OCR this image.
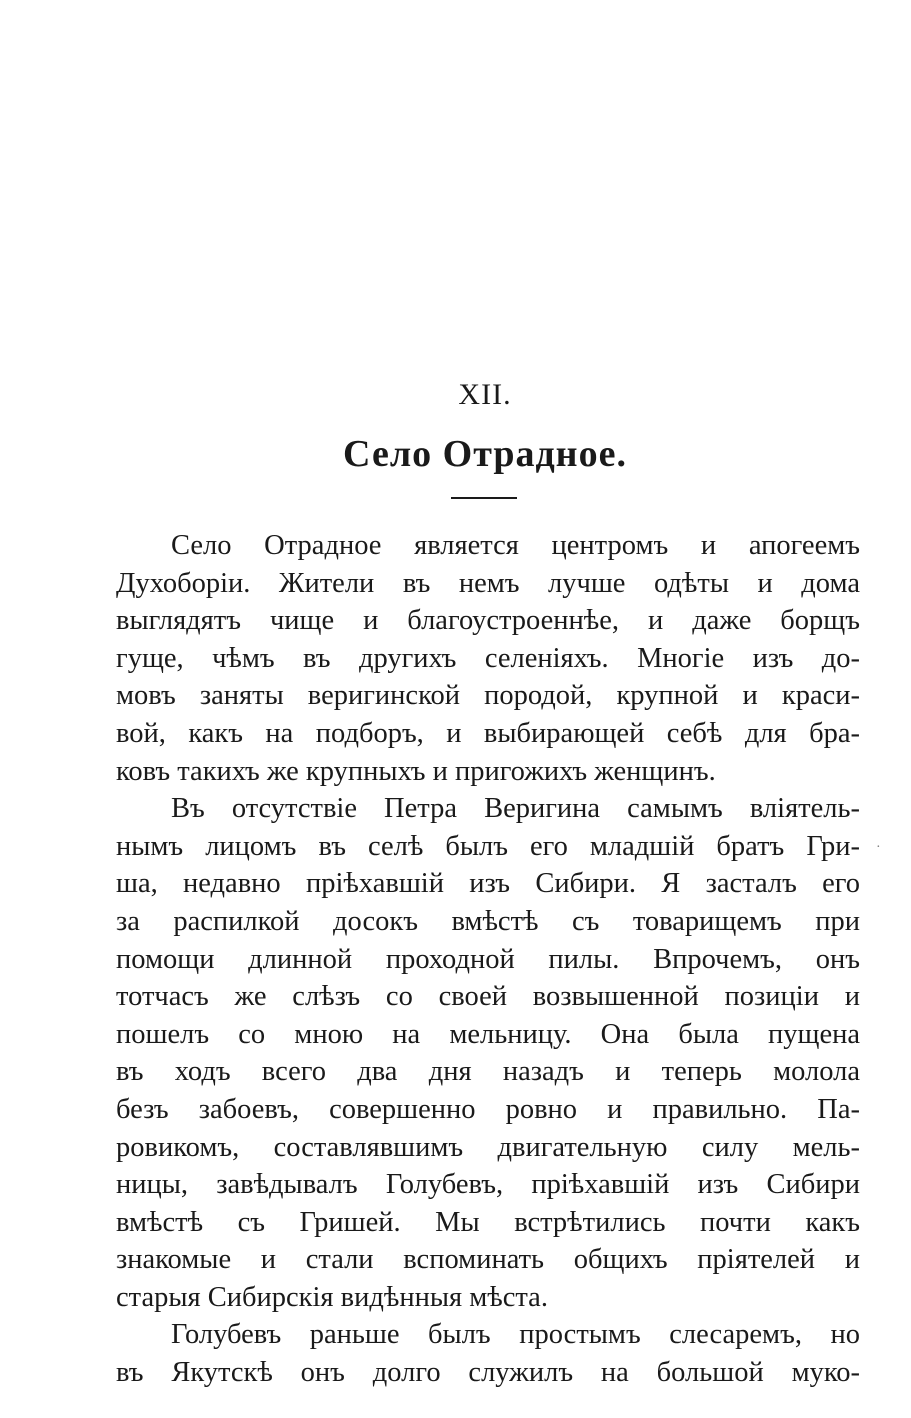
XII.
Село Отрадное.
Село Отрадное является центромъ и апогеемъ
Духоборіи. Жители въ немъ лучше одѣты и дома
выглядятъ чище и благоустроеннѣе, и даже борщъ
гуще, чѣмъ въ другихъ селеніяхъ. Многіе изъ до-
мовъ заняты веригинской породой, крупной и краси-
вой, какъ на подборъ, и выбирающей себѣ для бра-
ковъ такихъ же крупныхъ и пригожихъ женщинъ.
Въ отсутствіе Петра Веригина самымъ вліятель-
нымъ лицомъ въ селѣ былъ его младшій братъ Гри-
ша, недавно пріѣхавшій изъ Сибири. Я засталъ его
за распилкой досокъ вмѣстѣ съ товарищемъ при
помощи длинной проходной пилы. Впрочемъ, онъ
тотчасъ же слѣзъ со своей возвышенной позиціи и
пошелъ со мною на мельницу. Она была пущена
въ ходъ всего два дня назадъ и теперь молола
безъ забоевъ, совершенно ровно и правильно. Па-
ровикомъ, составлявшимъ двигательную силу мель-
ницы, завѣдывалъ Голубевъ, пріѣхавшій изъ Сибири
вмѣстѣ съ Гришей. Мы встрѣтились почти какъ
знакомые и стали вспоминать общихъ пріятелей и
старыя Сибирскія видѣнныя мѣста.
Голубевъ раньше былъ простымъ слесаремъ, но
въ Якутскѣ онъ долго служилъ на большой муко-
·
